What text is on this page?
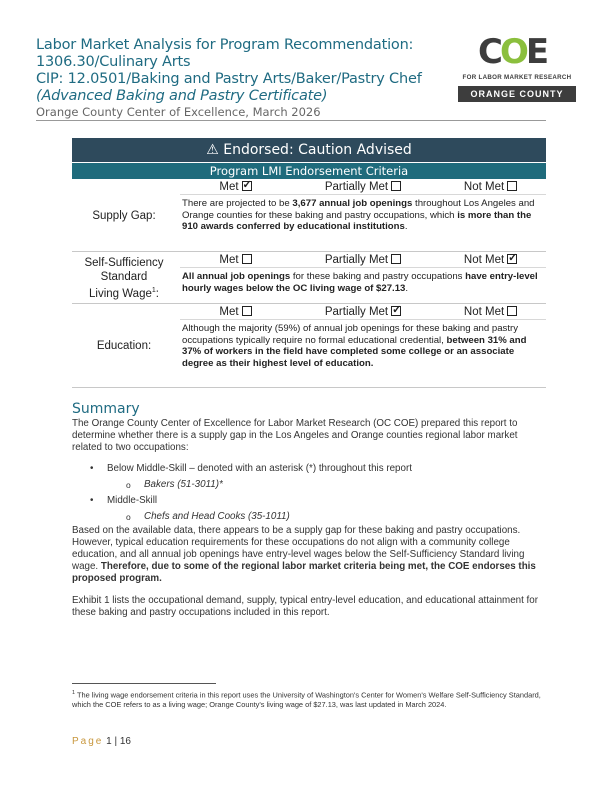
Labor Market Analysis for Program Recommendation:
1306.30/Culinary Arts
CIP: 12.0501/Baking and Pastry Arts/Baker/Pastry Chef
(Advanced Baking and Pastry Certificate)
Orange County Center of Excellence, March 2026
COE
FOR LABOR MARKET RESEARCH
ORANGE COUNTY
⚠ Endorsed: Caution Advised
Program LMI Endorsement Criteria
Supply Gap:
Met ✓	Partially Met	Not Met
There are projected to be 3,677 annual job openings throughout Los Angeles and Orange counties for these baking and pastry occupations, which is more than the 910 awards conferred by educational institutions.
Self-Sufficiency
Standard
Living Wage$^1$:
Met	Partially Met	Not Met✓
All annual job openings for these baking and pastry occupations have entry-level hourly wages below the OC living wage of $27.13.
Education:
Met	Partially Met ✓	Not Met
Although the majority (59%) of annual job openings for these baking and pastry occupations typically require no formal educational credential, between 31% and 37% of workers in the field have completed some college or an associate degree as their highest level of education.
Summary
The Orange County Center of Excellence for Labor Market Research (OC COE) prepared this report to determine whether there is a supply gap in the Los Angeles and Orange counties regional labor market related to two occupations:
• Below Middle-Skill – denoted with an asterisk (*) throughout this report
o Bakers (51-3011)*
• Middle-Skill
o Chefs and Head Cooks (35-1011)
Based on the available data, there appears to be a supply gap for these baking and pastry occupations. However, typical education requirements for these occupations do not align with a community college education, and all annual job openings have entry-level wages below the Self-Sufficiency Standard living wage. Therefore, due to some of the regional labor market criteria being met, the COE endorses this proposed program.
Exhibit 1 lists the occupational demand, supply, typical entry-level education, and educational attainment for these baking and pastry occupations included in this report.
$^1$ The living wage endorsement criteria in this report uses the University of Washington's Center for Women's Welfare Self-Sufficiency Standard, which the COE refers to as a living wage; Orange County's living wage of $27.13, was last updated in March 2024.
Page 1 | 16
